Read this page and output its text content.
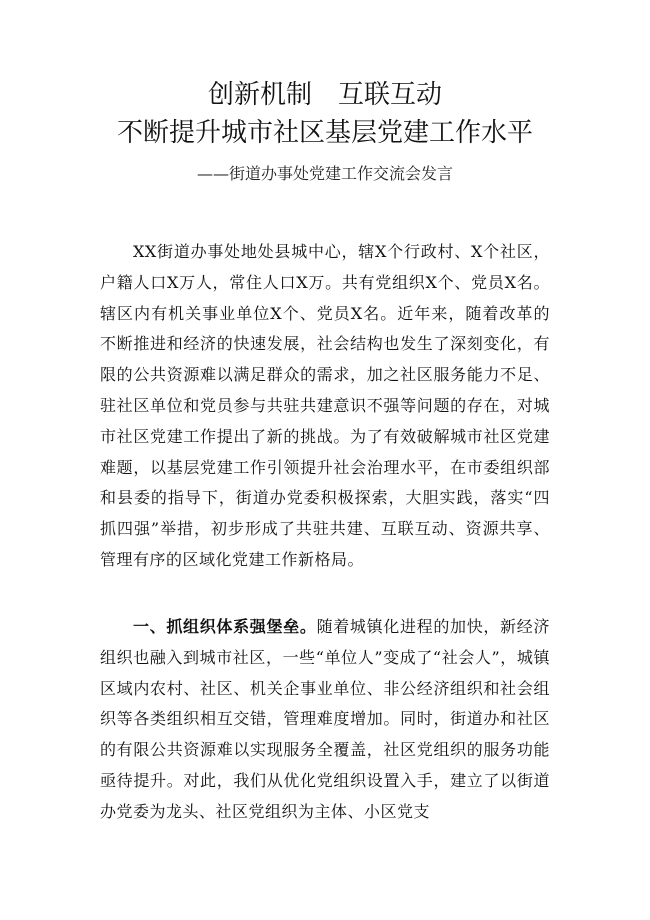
创新机制　互联互动
不断提升城市社区基层党建工作水平
——街道办事处党建工作交流会发言

XX街道办事处地处县城中心，辖X个行政村、X个社区，户籍人口X万人，常住人口X万。共有党组织X个、党员X名。辖区内有机关事业单位X个、党员X名。近年来，随着改革的不断推进和经济的快速发展，社会结构也发生了深刻变化，有限的公共资源难以满足群众的需求，加之社区服务能力不足、驻社区单位和党员参与共驻共建意识不强等问题的存在，对城市社区党建工作提出了新的挑战。为了有效破解城市社区党建难题，以基层党建工作引领提升社会治理水平，在市委组织部和县委的指导下，街道办党委积极探索，大胆实践，落实“四抓四强”举措，初步形成了共驻共建、互联互动、资源共享、管理有序的区域化党建工作新格局。

一、抓组织体系强堡垒。随着城镇化进程的加快，新经济组织也融入到城市社区，一些“单位人”变成了“社会人”，城镇区域内农村、社区、机关企事业单位、非公经济组织和社会组织等各类组织相互交错，管理难度增加。同时，街道办和社区的有限公共资源难以实现服务全覆盖，社区党组织的服务功能亟待提升。对此，我们从优化党组织设置入手，建立了以街道办党委为龙头、社区党组织为主体、小区党支
